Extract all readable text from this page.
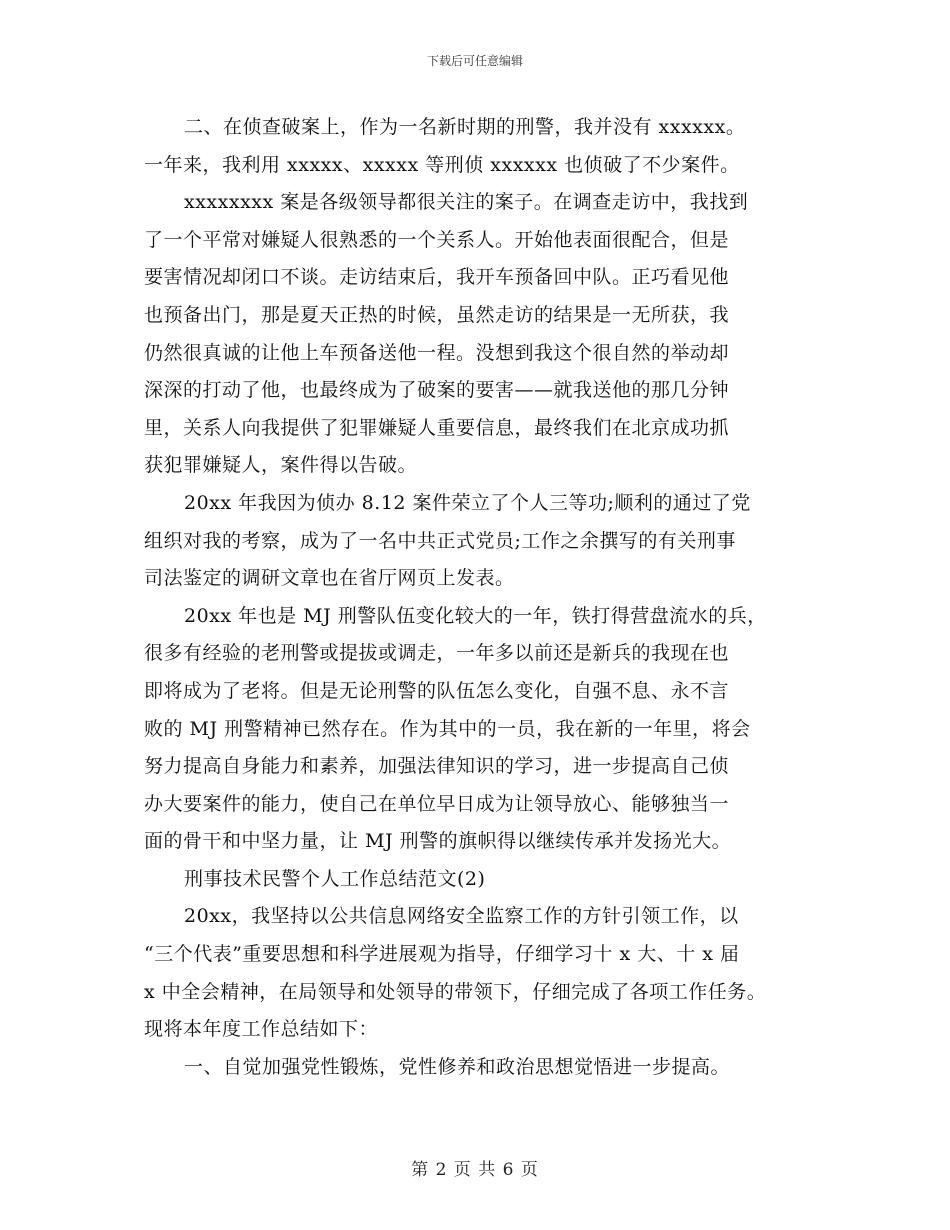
下载后可任意编辑
二、在侦查破案上，作为一名新时期的刑警，我并没有 xxxxxx。
一年来，我利用 xxxxx、xxxxx 等刑侦 xxxxxx 也侦破了不少案件。
xxxxxxxx 案是各级领导都很关注的案子。在调查走访中，我找到
了一个平常对嫌疑人很熟悉的一个关系人。开始他表面很配合，但是
要害情况却闭口不谈。走访结束后，我开车预备回中队。正巧看见他
也预备出门，那是夏天正热的时候，虽然走访的结果是一无所获，我
仍然很真诚的让他上车预备送他一程。没想到我这个很自然的举动却
深深的打动了他，也最终成为了破案的要害——就我送他的那几分钟
里，关系人向我提供了犯罪嫌疑人重要信息，最终我们在北京成功抓
获犯罪嫌疑人，案件得以告破。
20xx 年我因为侦办 8.12 案件荣立了个人三等功;顺利的通过了党
组织对我的考察，成为了一名中共正式党员;工作之余撰写的有关刑事
司法鉴定的调研文章也在省厅网页上发表。
20xx 年也是 MJ 刑警队伍变化较大的一年，铁打得营盘流水的兵，
很多有经验的老刑警或提拔或调走，一年多以前还是新兵的我现在也
即将成为了老将。但是无论刑警的队伍怎么变化，自强不息、永不言
败的 MJ 刑警精神已然存在。作为其中的一员，我在新的一年里，将会
努力提高自身能力和素养，加强法律知识的学习，进一步提高自己侦
办大要案件的能力，使自己在单位早日成为让领导放心、能够独当一
面的骨干和中坚力量，让 MJ 刑警的旗帜得以继续传承并发扬光大。
刑事技术民警个人工作总结范文(2)
20xx，我坚持以公共信息网络安全监察工作的方针引领工作，以
“三个代表”重要思想和科学进展观为指导，仔细学习十 x 大、十 x 届
x 中全会精神，在局领导和处领导的带领下，仔细完成了各项工作任务。
现将本年度工作总结如下：
一、自觉加强党性锻炼，党性修养和政治思想觉悟进一步提高。
第 2 页 共 6 页
